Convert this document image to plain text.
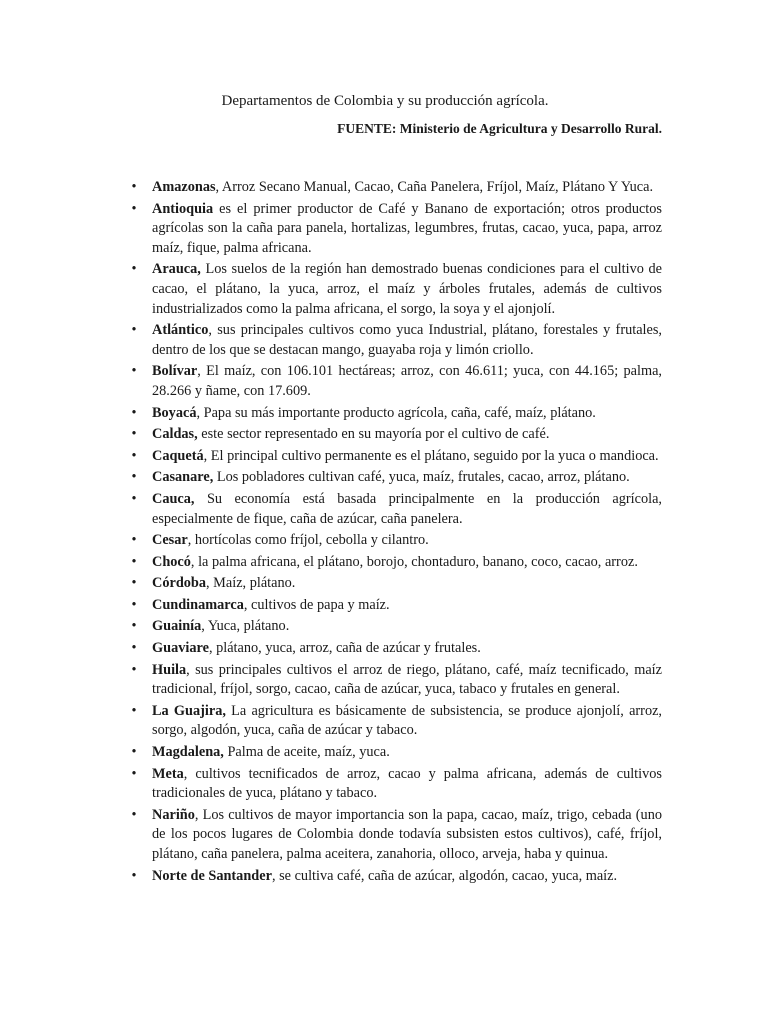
Departamentos de Colombia y su producción agrícola.
FUENTE: Ministerio de Agricultura y Desarrollo Rural.
• Amazonas, Arroz Secano Manual, Cacao, Caña Panelera, Fríjol, Maíz, Plátano Y Yuca.
• Antioquia es el primer productor de Café y Banano de exportación; otros productos agrícolas son la caña para panela, hortalizas, legumbres, frutas, cacao, yuca, papa, arroz maíz, fique, palma africana.
• Arauca, Los suelos de la región han demostrado buenas condiciones para el cultivo de cacao, el plátano, la yuca, arroz, el maíz y árboles frutales, además de cultivos industrializados como la palma africana, el sorgo, la soya y el ajonjolí.
• Atlántico, sus principales cultivos como yuca Industrial, plátano, forestales y frutales, dentro de los que se destacan mango, guayaba roja y limón criollo.
• Bolívar, El maíz, con 106.101 hectáreas; arroz, con 46.611; yuca, con 44.165; palma, 28.266 y ñame, con 17.609.
• Boyacá, Papa su más importante producto agrícola, caña, café, maíz, plátano.
• Caldas, este sector representado en su mayoría por el cultivo de café.
• Caquetá, El principal cultivo permanente es el plátano, seguido por la yuca o mandioca.
• Casanare, Los pobladores cultivan café, yuca, maíz, frutales, cacao, arroz, plátano.
• Cauca, Su economía está basada principalmente en la producción agrícola, especialmente de fique, caña de azúcar, caña panelera.
• Cesar, hortícolas como fríjol, cebolla y cilantro.
• Chocó, la palma africana, el plátano, borojo, chontaduro, banano, coco, cacao, arroz.
• Córdoba, Maíz, plátano.
• Cundinamarca, cultivos de papa y maíz.
• Guainía, Yuca, plátano.
• Guaviare, plátano, yuca, arroz, caña de azúcar y frutales.
• Huila, sus principales cultivos el arroz de riego, plátano, café, maíz tecnificado, maíz tradicional, fríjol, sorgo, cacao, caña de azúcar, yuca, tabaco y frutales en general.
• La Guajira, La agricultura es básicamente de subsistencia, se produce ajonjolí, arroz, sorgo, algodón, yuca, caña de azúcar y tabaco.
• Magdalena, Palma de aceite, maíz, yuca.
• Meta, cultivos tecnificados de arroz, cacao y palma africana, además de cultivos tradicionales de yuca, plátano y tabaco.
• Nariño, Los cultivos de mayor importancia son la papa, cacao, maíz, trigo, cebada (uno de los pocos lugares de Colombia donde todavía subsisten estos cultivos), café, fríjol, plátano, caña panelera, palma aceitera, zanahoria, olloco, arveja, haba y quinua.
• Norte de Santander, se cultiva café, caña de azúcar, algodón, cacao, yuca, maíz.
